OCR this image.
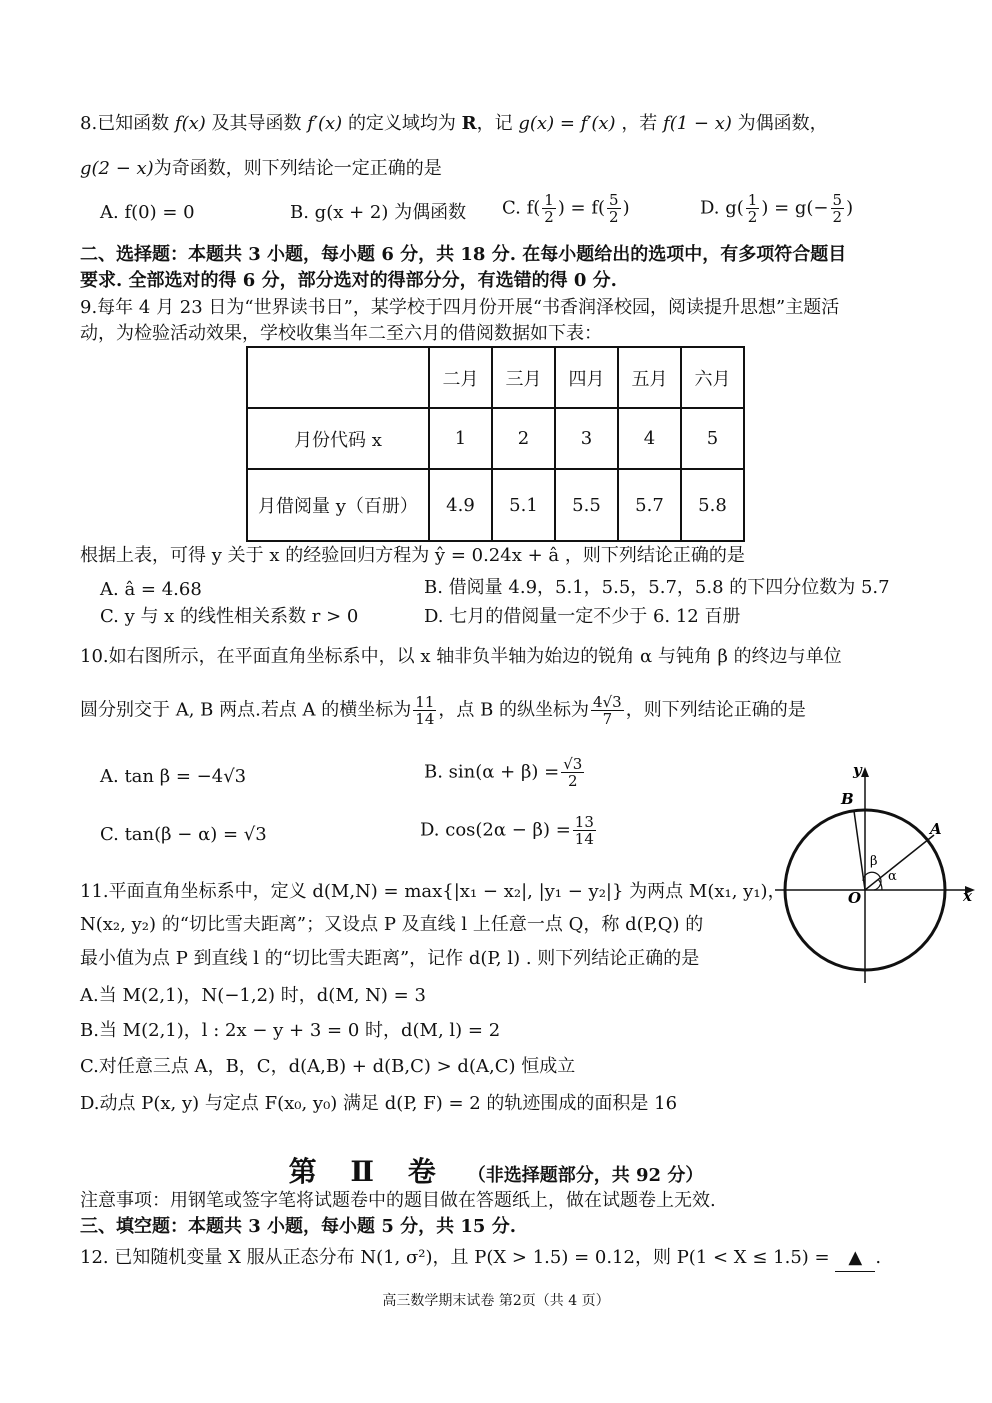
8.已知函数 f(x) 及其导函数 f′(x) 的定义域均为 R，记 g(x) = f′(x) ，若 f(1 − x) 为偶函数，
g(2 − x)为奇函数，则下列结论一定正确的是
A. f(0) = 0	B. g(x + 2) 为偶函数 C. $f( \frac{1}{2}$ ) = $f( \frac{5}{2}$ )	D. $g( \frac{1}{2}$ ) = $g(- \frac{5}{2}$ )
二、选择题：本题共 3 小题，每小题 6 分，共 18 分. 在每小题给出的选项中，有多项符合题目
要求. 全部选对的得 6 分，部分选对的得部分分，有选错的得 0 分.
9.每年 4 月 23 日为“世界读书日”，某学校于四月份开展“书香润泽校园，阅读提升思想”主题活
动，为检验活动效果，学校收集当年二至六月的借阅数据如下表：
	二月	三月	四月	五月	六月
月份代码 x	1	2	3	4	5
月借阅量 y（百册）	4.9	5.1	5.5	5.7	5.8
根据上表，可得 y 关于 x 的经验回归方程为 ŷ = 0.24x + â ，则下列结论正确的是
A. â = 4.68	B. 借阅量 4.9，5.1，5.5，5.7，5.8 的下四分位数为 5.7
C. y 与 x 的线性相关系数 r > 0	D. 七月的借阅量一定不少于 6. 12 百册
10.如右图所示，在平面直角坐标系中，以 x 轴非负半轴为始边的锐角 α 与钝角 β 的终边与单位
圆分别交于 A, B 两点.若点 A 的横坐标为 $\frac{11}{14}$ ，点 B 的纵坐标为 $\frac{4√3}{7}$ ，则下列结论正确的是
A. tan β = −4√3	B. $\sin(\alpha + \beta) = \frac{√3}{2}$
C. tan(β − α) = √3	D. $\cos(2\alpha - \beta) = \frac{13}{14}$
y
x
O
A
B
α
β
11.平面直角坐标系中，定义 d(M,N) = max{|x₁ − x₂|, |y₁ − y₂|} 为两点 M(x₁, y₁)，
N(x₂, y₂) 的“切比雪夫距离”；又设点 P 及直线 l 上任意一点 Q，称 d(P,Q) 的
最小值为点 P 到直线 l 的“切比雪夫距离”，记作 d(P, l) . 则下列结论正确的是
A.当 M(2,1)，N(−1,2) 时，d(M, N) = 3
B.当 M(2,1)，l : 2x − y + 3 = 0 时，d(M, l) = 2
C.对任意三点 A，B，C，d(A,B) + d(B,C) > d(A,C) 恒成立
D.动点 P(x, y) 与定点 F(x₀, y₀) 满足 d(P, F) = 2 的轨迹围成的面积是 16
第 Ⅱ 卷 （非选择题部分，共 92 分）
注意事项：用钢笔或签字笔将试题卷中的题目做在答题纸上，做在试题卷上无效.
三、填空题：本题共 3 小题，每小题 5 分，共 15 分.
12. 已知随机变量 X 服从正态分布 N(1, σ²)，且 P(X > 1.5) = 0.12，则 P(1 < X ≤ 1.5) = ▲ .
高三数学期末试卷 第2页（共 4 页）
